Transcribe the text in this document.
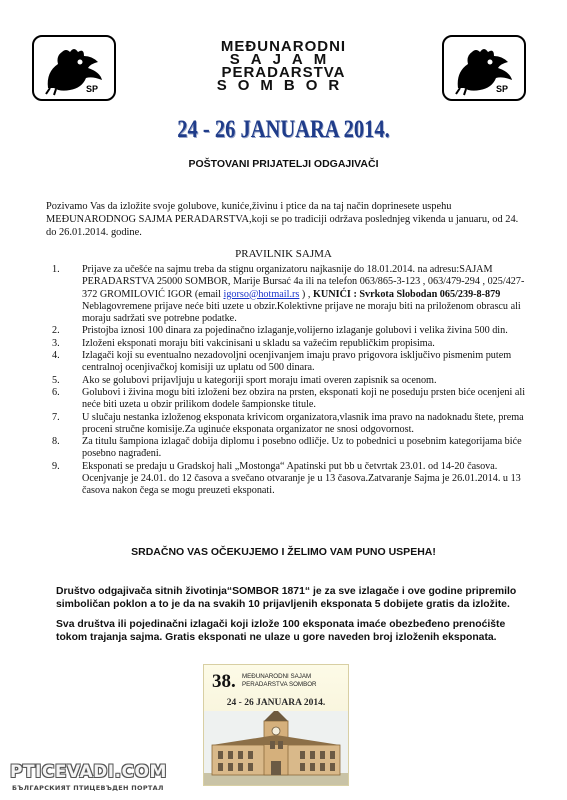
SP	SP
MEĐUNARODNI
SAJAM
PERADARSTVA
SOMBOR
24 - 26 JANUARA 2014.
POŠTOVANI PRIJATELJI ODGAJIVAČI
Pozivamo Vas da izložite svoje golubove, kuniće,živinu i ptice da na taj način doprinesete uspehu MEĐUNARODNOG SAJMA PERADARSTVA,koji se po tradiciji održava poslednjeg vikenda u januaru, od 24. do 26.01.2014. godine.
PRAVILNIK SAJMA
1.	Prijave za učešće na sajmu treba da stignu organizatoru najkasnije do 18.01.2014. na adresu:SAJAM PERADARSTVA 25000 SOMBOR, Marije Bursać 4a ili na telefon 063/865-3-123 , 063/479-294 , 025/427-372 GROMILOVIĆ IGOR (email igorso@hotmail.rs ) , KUNIĆI : Svrkota Slobodan 065/239-8-879 Neblagovremene prijave neće biti uzete u obzir.Kolektivne prijave ne moraju biti na priloženom obrascu ali moraju sadržati sve potrebne podatke.
2.	Pristojba iznosi 100 dinara za pojedinačno izlaganje,volijerno izlaganje golubovi i velika živina 500 din.
3.	Izloženi eksponati moraju biti vakcinisani u skladu sa važećim republičkim propisima.
4.	Izlagači koji su eventualno nezadovoljni ocenjivanjem imaju pravo prigovora isključivo pismenim putem centralnoj ocenjivačkoj komisiji uz uplatu od 500 dinara.
5.	Ako se golubovi prijavljuju u kategoriji sport moraju imati overen zapisnik sa ocenom.
6.	Golubovi i živina mogu biti izloženi bez obzira na prsten, eksponati koji ne poseduju prsten biće ocenjeni ali neće biti uzeta u obzir prilikom dodele šampionske titule.
7.	U slučaju nestanka izloženog eksponata krivicom organizatora,vlasnik ima pravo na nadoknadu štete, prema proceni stručne komisije.Za uginuće eksponata organizator ne snosi odgovornost.
8.	Za titulu šampiona izlagač dobija diplomu i posebno odličje. Uz to pobednici u posebnim kategorijama biće posebno nagrađeni.
9.	Eksponati se predaju u Gradskoj hali „Mostonga“ Apatinski put bb u četvrtak 23.01. od 14-20 časova. Ocenjvanje je 24.01. do 12 časova a svečano otvaranje je u 13 časova.Zatvaranje Sajma je 26.01.2014. u 13 časova nakon čega se mogu preuzeti eksponati.
SRDAČNO VAS OČEKUJEMO I ŽELIMO VAM PUNO USPEHA!
Društvo odgajivača sitnih životinja“SOMBOR 1871“ je za sve izlagače i ove godine pripremilo simboličan poklon a to je da na svakih 10 prijavljenih eksponata 5 dobijete gratis da izložite.
Sva društva ili pojedinačni izlagači koji izlože 100 eksponata imaće obezbeđeno prenoćište tokom trajanja sajma. Gratis eksponati ne ulaze u gore naveden broj izloženih eksponata.
38. MEĐUNARODNI SAJAM PERADARSTVA SOMBOR
24 - 26 JANUARA 2014.
PTICEVADI.COM
БЪЛГАРСКИЯТ ПТИЦЕВЪДЕН ПОРТАЛ
